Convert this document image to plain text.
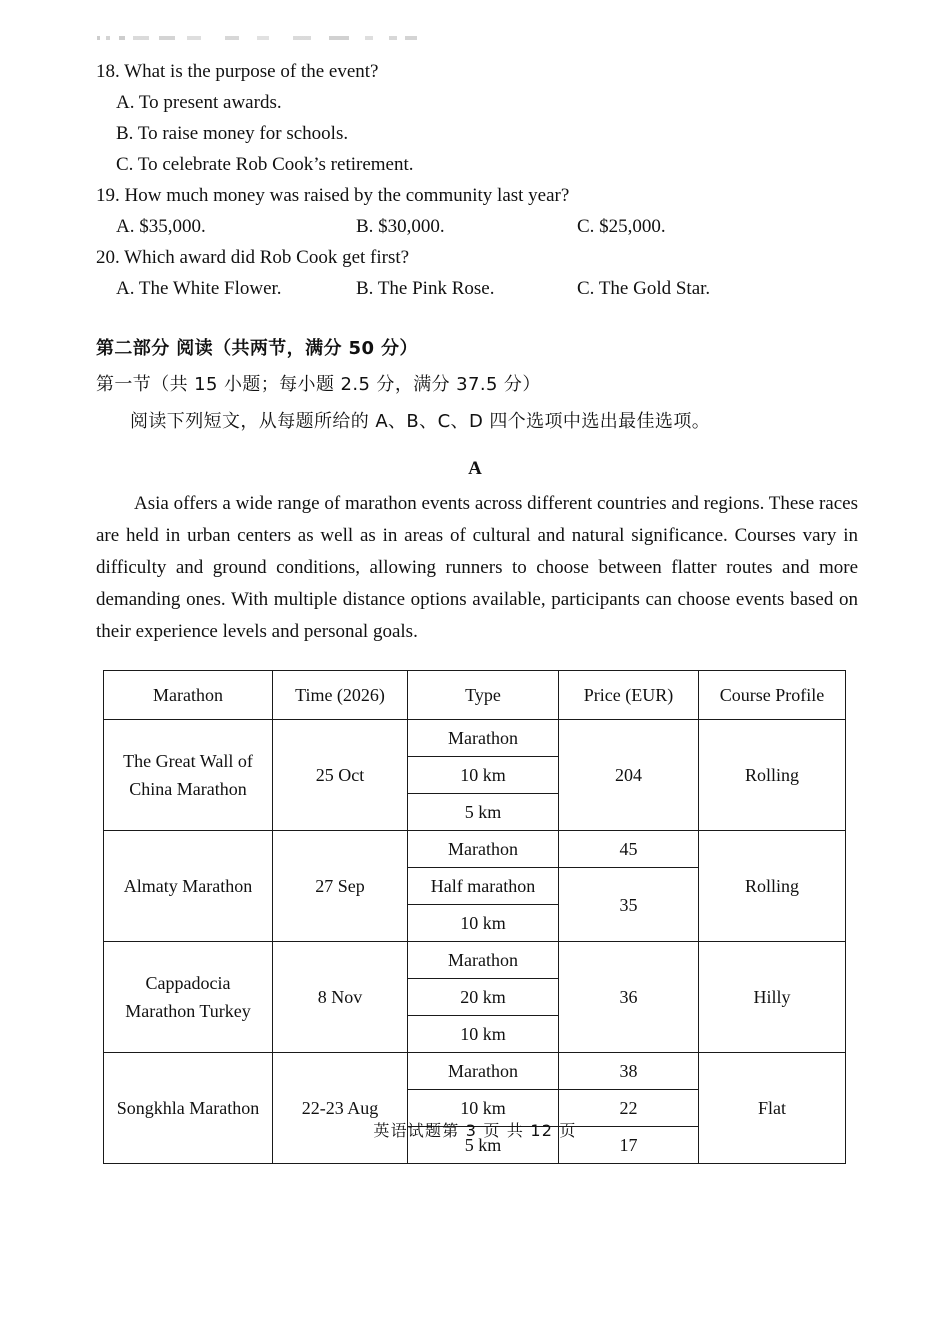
18. What is the purpose of the event?
A. To present awards.
B. To raise money for schools.
C. To celebrate Rob Cook’s retirement.
19. How much money was raised by the community last year?
A. $35,000.	B. $30,000.	C. $25,000.
20. Which award did Rob Cook get first?
A. The White Flower.	B. The Pink Rose.	C. The Gold Star.
第二部分 阅读（共两节，满分 50 分）
第一节（共 15 小题；每小题 2.5 分，满分 37.5 分）
阅读下列短文，从每题所给的 A、B、C、D 四个选项中选出最佳选项。
A
Asia offers a wide range of marathon events across different countries and regions. These races are held in urban centers as well as in areas of cultural and natural significance. Courses vary in difficulty and ground conditions, allowing runners to choose between flatter routes and more demanding ones. With multiple distance options available, participants can choose events based on their experience levels and personal goals.
Marathon	Time (2026)	Type	Price (EUR)	Course Profile
The Great Wall of
China Marathon	25 Oct	Marathon	204	Rolling
		10 km		
		5 km		
Almaty Marathon	27 Sep	Marathon	45	Rolling
		Half marathon	35	
		10 km		
Cappadocia
Marathon Turkey	8 Nov	Marathon	36	Hilly
		20 km		
		10 km		
Songkhla Marathon	22-23 Aug	Marathon	38	Flat
		10 km	22	
		5 km	17	
英语试题第 3 页 共 12 页
